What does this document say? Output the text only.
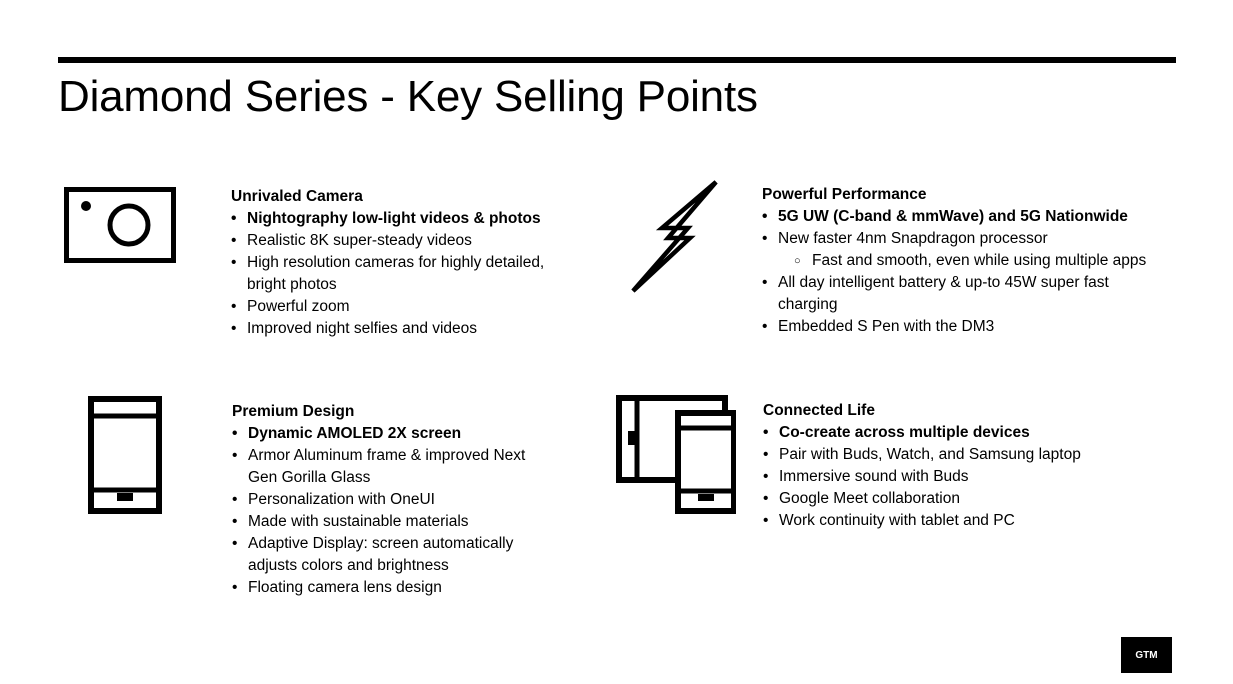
Diamond Series - Key Selling Points

Unrivaled Camera

• Nightography low-light videos & photos
• Realistic 8K super-steady videos
• High resolution cameras for highly detailed, bright photos
• Powerful zoom
• Improved night selfies and videos

Powerful Performance

• 5G UW (C-band & mmWave) and 5G Nationwide
• New faster 4nm Snapdragon processor
○ Fast and smooth, even while using multiple apps
• All day intelligent battery & up-to 45W super fast charging
• Embedded S Pen with the DM3

Premium Design

• Dynamic AMOLED 2X screen
• Armor Aluminum frame & improved Next Gen Gorilla Glass
• Personalization with OneUI
• Made with sustainable materials
• Adaptive Display: screen automatically adjusts colors and brightness
• Floating camera lens design

Connected Life

• Co-create across multiple devices
• Pair with Buds, Watch, and Samsung laptop
• Immersive sound with Buds
• Google Meet collaboration
• Work continuity with tablet and PC
GTM
